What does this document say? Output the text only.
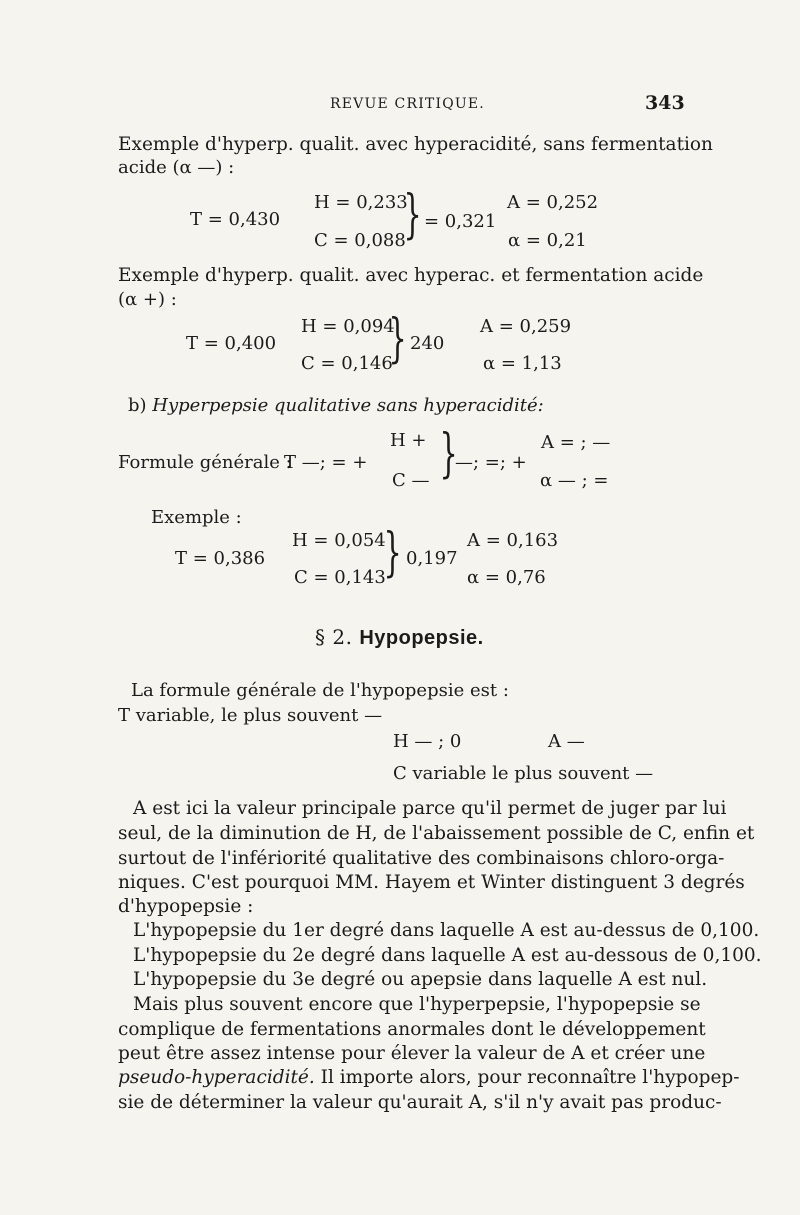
REVUE CRITIQUE.	343
Exemple d'hyperp. qualit. avec hyperacidité, sans fermentation
acide (α —) :
H = 0,233
T = 0,430
C = 0,088
} = 0,321
A = 0,252
α = 0,21
Exemple d'hyperp. qualit. avec hyperac. et fermentation acide
(α +) :
H = 0,094
T = 0,400
C = 0,146
} 240
A = 0,259
α = 1,13
b) Hyperpepsie qualitative sans hyperacidité:
H +
Formule générale :
T —; = +
C — }
—; =; +
A = ; —
α — ; =
Exemple :
H = 0,054
T = 0,386
C = 0,143
} 0,197
A = 0,163
α = 0,76
§ 2. Hypopepsie.
La formule générale de l'hypopepsie est :
T variable, le plus souvent —
H — ; 0	A —
C variable le plus souvent —
A est ici la valeur principale parce qu'il permet de juger par lui
seul, de la diminution de H, de l'abaissement possible de C, enfin et
surtout de l'infériorité qualitative des combinaisons chloro-orga-
niques. C'est pourquoi MM. Hayem et Winter distinguent 3 degrés
d'hypopepsie :
L'hypopepsie du 1er degré dans laquelle A est au-dessus de 0,100.
L'hypopepsie du 2e degré dans laquelle A est au-dessous de 0,100.
L'hypopepsie du 3e degré ou apepsie dans laquelle A est nul.
Mais plus souvent encore que l'hyperpepsie, l'hypopepsie se
complique de fermentations anormales dont le développement
peut être assez intense pour élever la valeur de A et créer une
pseudo-hyperacidité. Il importe alors, pour reconnaître l'hypopep-
sie de déterminer la valeur qu'aurait A, s'il n'y avait pas produc-
